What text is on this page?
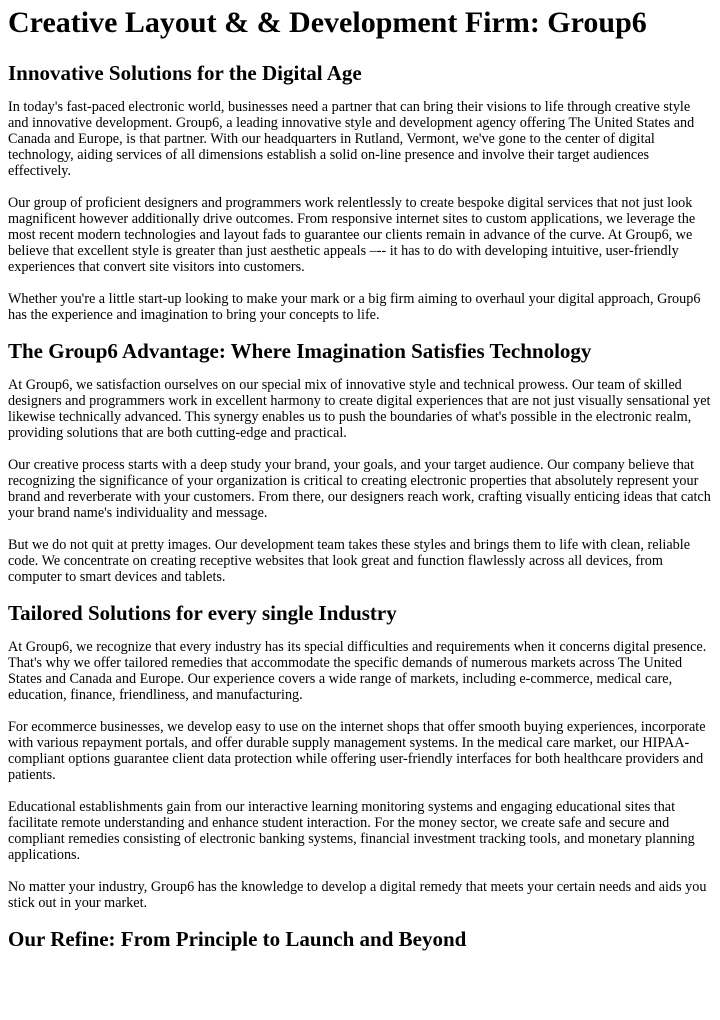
Creative Layout & & Development Firm: Group6
Innovative Solutions for the Digital Age

In today's fast-paced electronic world, businesses need a partner that can bring their visions to life through creative style and innovative development. Group6, a leading innovative style and development agency offering The United States and Canada and Europe, is that partner. With our headquarters in Rutland, Vermont, we've gone to the center of digital technology, aiding services of all dimensions establish a solid on-line presence and involve their target audiences effectively.

Our group of proficient designers and programmers work relentlessly to create bespoke digital services that not just look magnificent however additionally drive outcomes. From responsive internet sites to custom applications, we leverage the most recent modern technologies and layout fads to guarantee our clients remain in advance of the curve. At Group6, we believe that excellent style is greater than just aesthetic appeals –-- it has to do with developing intuitive, user-friendly experiences that convert site visitors into customers.

Whether you're a little start-up looking to make your mark or a big firm aiming to overhaul your digital approach, Group6 has the experience and imagination to bring your concepts to life.

The Group6 Advantage: Where Imagination Satisfies Technology

At Group6, we satisfaction ourselves on our special mix of innovative style and technical prowess. Our team of skilled designers and programmers work in excellent harmony to create digital experiences that are not just visually sensational yet likewise technically advanced. This synergy enables us to push the boundaries of what's possible in the electronic realm, providing solutions that are both cutting-edge and practical.

Our creative process starts with a deep study your brand, your goals, and your target audience. Our company believe that recognizing the significance of your organization is critical to creating electronic properties that absolutely represent your brand and reverberate with your customers. From there, our designers reach work, crafting visually enticing ideas that catch your brand name's individuality and message.

But we do not quit at pretty images. Our development team takes these styles and brings them to life with clean, reliable code. We concentrate on creating receptive websites that look great and function flawlessly across all devices, from computer to smart devices and tablets.

Tailored Solutions for every single Industry

At Group6, we recognize that every industry has its special difficulties and requirements when it concerns digital presence. That's why we offer tailored remedies that accommodate the specific demands of numerous markets across The United States and Canada and Europe. Our experience covers a wide range of markets, including e-commerce, medical care, education, finance, friendliness, and manufacturing.

For ecommerce businesses, we develop easy to use on the internet shops that offer smooth buying experiences, incorporate with various repayment portals, and offer durable supply management systems. In the medical care market, our HIPAA-compliant options guarantee client data protection while offering user-friendly interfaces for both healthcare providers and patients.

Educational establishments gain from our interactive learning monitoring systems and engaging educational sites that facilitate remote understanding and enhance student interaction. For the money sector, we create safe and secure and compliant remedies consisting of electronic banking systems, financial investment tracking tools, and monetary planning applications.

No matter your industry, Group6 has the knowledge to develop a digital remedy that meets your certain needs and aids you stick out in your market.

Our Refine: From Principle to Launch and Beyond
